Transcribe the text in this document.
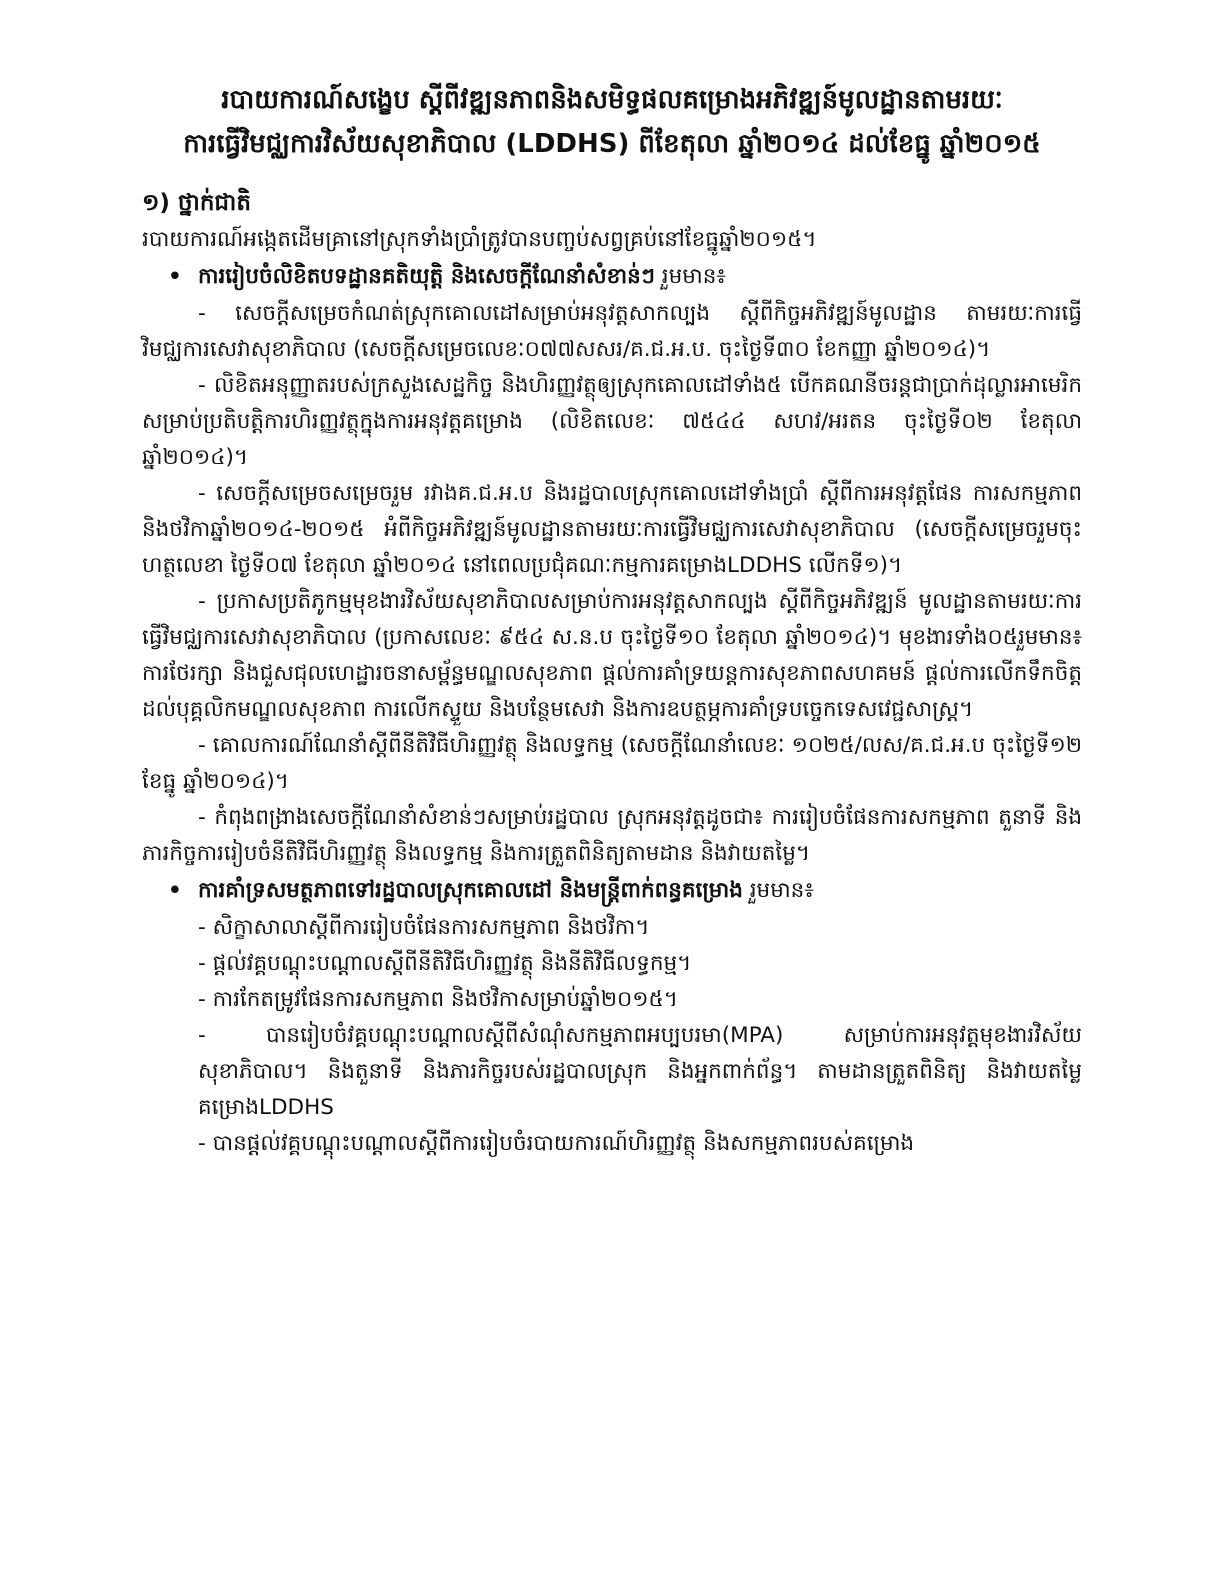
របាយការណ៍សង្ខេប ស្តីពីវឌ្ឍនភាពនិងសមិទ្ធផលគម្រោងអភិវឌ្ឍន៍មូលដ្ឋានតាមរយៈ
ការធ្វើវិមជ្ឈការវិស័យសុខាភិបាល (LDDHS) ពីខែតុលា ឆ្នាំ២០១៤ ដល់ខែធ្នូ ឆ្នាំ២០១៥

១) ថ្នាក់ជាតិ

របាយការណ៍អង្កេតដើមគ្រានៅស្រុកទាំងប្រាំត្រូវបានបញ្ចប់សព្វគ្រប់នៅខែធ្នូឆ្នាំ២០១៥។

• ការរៀបចំលិខិតបទដ្ឋានគតិយុត្តិ និងសេចក្តីណែនាំសំខាន់ៗ រួមមាន៖

- សេចក្តីសម្រេចកំណត់ស្រុកគោលដៅសម្រាប់អនុវត្តសាកល្បង ស្តីពីកិច្ចអភិវឌ្ឍន៍មូលដ្ឋាន តាមរយៈការធ្វើវិមជ្ឈការសេវាសុខាភិបាល (សេចក្តីសម្រេចលេខៈ០៧៧សសរ/គ.ជ.អ.ប. ចុះថ្ងៃទី៣០ ខែកញ្ញា ឆ្នាំ២០១៤)។

- លិខិតអនុញ្ញាតរបស់ក្រសួងសេដ្ឋកិច្ច និងហិរញ្ញវត្ថុឲ្យស្រុកគោលដៅទាំង៥ បើកគណនីចរន្តជាប្រាក់ដុល្លារអាមេរិក សម្រាប់ប្រតិបត្តិការហិរញ្ញវត្ថុក្នុងការអនុវត្តគម្រោង (លិខិតលេខៈ ៧៥៤៤ សហវ/អរតន ចុះថ្ងៃទី០២ ខែតុលា ឆ្នាំ២០១៤)។

- សេចក្តីសម្រេចសម្រេចរួម រវាងគ.ជ.អ.ប និងរដ្ឋបាលស្រុកគោលដៅទាំងប្រាំ ស្តីពីការអនុវត្តផែន ការសកម្មភាព និងថវិកាឆ្នាំ២០១៤-២០១៥ អំពីកិច្ចអភិវឌ្ឍន៍មូលដ្ឋានតាមរយៈការធ្វើវិមជ្ឈការសេវាសុខាភិបាល (សេចក្តីសម្រេចរួមចុះហត្ថលេខា ថ្ងៃទី០៧ ខែតុលា ឆ្នាំ២០១៤ នៅពេលប្រជុំគណៈកម្មការគម្រោងLDDHS លើកទី១)។

- ប្រកាសប្រតិភូកម្មមុខងារវិស័យសុខាភិបាលសម្រាប់ការអនុវត្តសាកល្បង ស្តីពីកិច្ចអភិវឌ្ឍន៍ មូលដ្ឋានតាមរយៈការធ្វើវិមជ្ឈការសេវាសុខាភិបាល (ប្រកាសលេខៈ ៩៥៤ ស.ន.ប ចុះថ្ងៃទី១០ ខែតុលា ឆ្នាំ២០១៤)។ មុខងារទាំង០៥រួមមាន៖ ការថែរក្សា និងជួសជុលហេដ្ឋារចនាសម្ព័ន្ធមណ្ឌលសុខភាព ផ្តល់ការគាំទ្រយន្តការសុខភាពសហគមន៍ ផ្តល់ការលើកទឹកចិត្តដល់បុគ្គលិកមណ្ឌលសុខភាព ការលើកស្ទួយ និងបន្ថែមសេវា និងការឧបត្ថម្ភការគាំទ្របច្ចេកទេសវេជ្ជសាស្ត្រ។

- គោលការណ៍ណែនាំស្តីពីនីតិវិធីហិរញ្ញវត្ថុ និងលទ្ធកម្ម (សេចក្តីណែនាំលេខៈ ១០២៥/លស/គ.ជ.អ.ប ចុះថ្ងៃទី១២ ខែធ្នូ ឆ្នាំ២០១៤)។

- កំពុងពង្រាងសេចក្តីណែនាំសំខាន់ៗសម្រាប់រដ្ឋបាល ស្រុកអនុវត្តដូចជា៖ ការរៀបចំផែនការសកម្មភាព តួនាទី និងភារកិច្ចការរៀបចំនីតិវិធីហិរញ្ញវត្ថុ និងលទ្ធកម្ម និងការត្រួតពិនិត្យតាមដាន និងវាយតម្លៃ។

• ការគាំទ្រសមត្ថភាពទៅរដ្ឋបាលស្រុកគោលដៅ និងមន្ត្រីពាក់ពន្ធគម្រោង រួមមាន៖

- សិក្ខាសាលាស្តីពីការរៀបចំផែនការសកម្មភាព និងថវិកា។

- ផ្តល់វគ្គបណ្តុះបណ្តាលស្តីពីនីតិវិធីហិរញ្ញវត្ថុ និងនីតិវិធីលទ្ធកម្ម។

- ការកែតម្រូវផែនការសកម្មភាព និងថវិកាសម្រាប់ឆ្នាំ២០១៥។

- បានរៀបចំវគ្គបណ្តុះបណ្តាលស្តីពីសំណុំសកម្មភាពអប្បបរមា(MPA) សម្រាប់ការអនុវត្តមុខងារវិស័យសុខាភិបាល។ និងតួនាទី និងភារកិច្ចរបស់រដ្ឋបាលស្រុក និងអ្នកពាក់ព័ន្ធ។ តាមដានត្រួតពិនិត្យ និងវាយតម្លៃ គម្រោងLDDHS

- បានផ្តល់វគ្គបណ្តុះបណ្តាលស្តីពីការរៀបចំរបាយការណ៍ហិរញ្ញវត្ថុ និងសកម្មភាពរបស់គម្រោង
